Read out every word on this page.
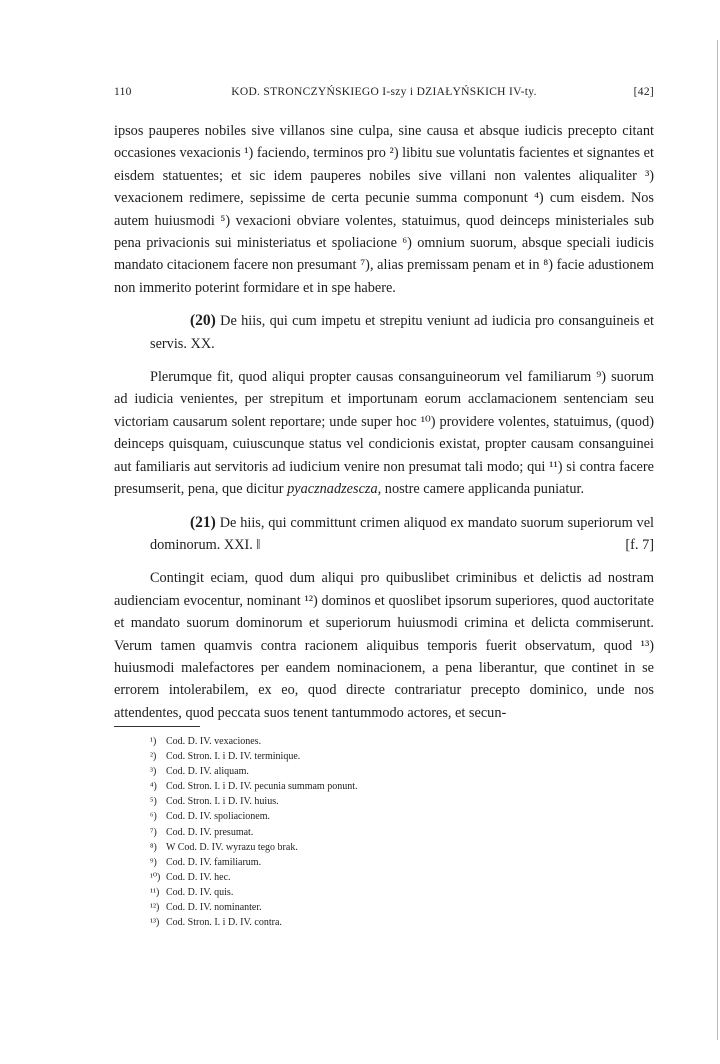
110	KOD. STRONCZYŃSKIEGO I-szy i DZIAŁYŃSKICH IV-ty.	[42]

ipsos pauperes nobiles sive villanos sine culpa, sine causa et absque iudicis precepto citant occasiones vexacionis ¹) faciendo, terminos pro ²) libitu sue voluntatis facientes et signantes et eisdem statuentes; et sic idem pauperes nobiles sive villani non valentes aliqualiter ³) vexacionem redimere, sepissime de certa pecunie summa componunt ⁴) cum eisdem. Nos autem huiusmodi ⁵) vexacioni obviare volentes, statuimus, quod deinceps ministeriales sub pena privacionis sui ministeriatus et spoliacione ⁶) omnium suorum, absque speciali iudicis mandato citacionem facere non presumant ⁷), alias premissam penam et in ⁸) facie adustionem non immerito poterint formidare et in spe habere.

(20) De hiis, qui cum impetu et strepitu veniunt ad iudicia pro consanguineis et servis. XX.

Plerumque fit, quod aliqui propter causas consanguineorum vel familiarum ⁹) suorum ad iudicia venientes, per strepitum et importunam eorum acclamacionem sentenciam seu victoriam causarum solent reportare; unde super hoc ¹⁰) providere volentes, statuimus, (quod) deinceps quisquam, cuiuscunque status vel condicionis existat, propter causam consanguinei aut familiaris aut servitoris ad iudicium venire non presumat tali modo; qui ¹¹) si contra facere presumserit, pena, que dicitur pyacznadzescza, nostre camere applicanda puniatur.

(21) De hiis, qui committunt crimen aliquod ex mandato suorum superiorum vel dominorum. XXI. ‖	[f. 7]

Contingit eciam, quod dum aliqui pro quibuslibet criminibus et delictis ad nostram audienciam evocentur, nominant ¹²) dominos et quoslibet ipsorum superiores, quod auctoritate et mandato suorum dominorum et superiorum huiusmodi crimina et delicta commiserunt. Verum tamen quamvis contra racionem aliquibus temporis fuerit observatum, quod ¹³) huiusmodi malefactores per eandem nominacionem, a pena liberantur, que continet in se errorem intolerabilem, ex eo, quod directe contrariatur precepto dominico, unde nos attendentes, quod peccata suos tenent tantummodo actores, et secun-

¹) Cod. D. IV. vexaciones.
²) Cod. Stron. I. i D. IV. terminique.
³) Cod. D. IV. aliquam.
⁴) Cod. Stron. I. i D. IV. pecunia summam ponunt.
⁵) Cod. Stron. I. i D. IV. huius.
⁶) Cod. D. IV. spoliacionem.
⁷) Cod. D. IV. presumat.
⁸) W Cod. D. IV. wyrazu tego brak.
⁹) Cod. D. IV. familiarum.
¹⁰) Cod. D. IV. hec.
¹¹) Cod. D. IV. quis.
¹²) Cod. D. IV. nominanter.
¹³) Cod. Stron. I. i D. IV. contra.
